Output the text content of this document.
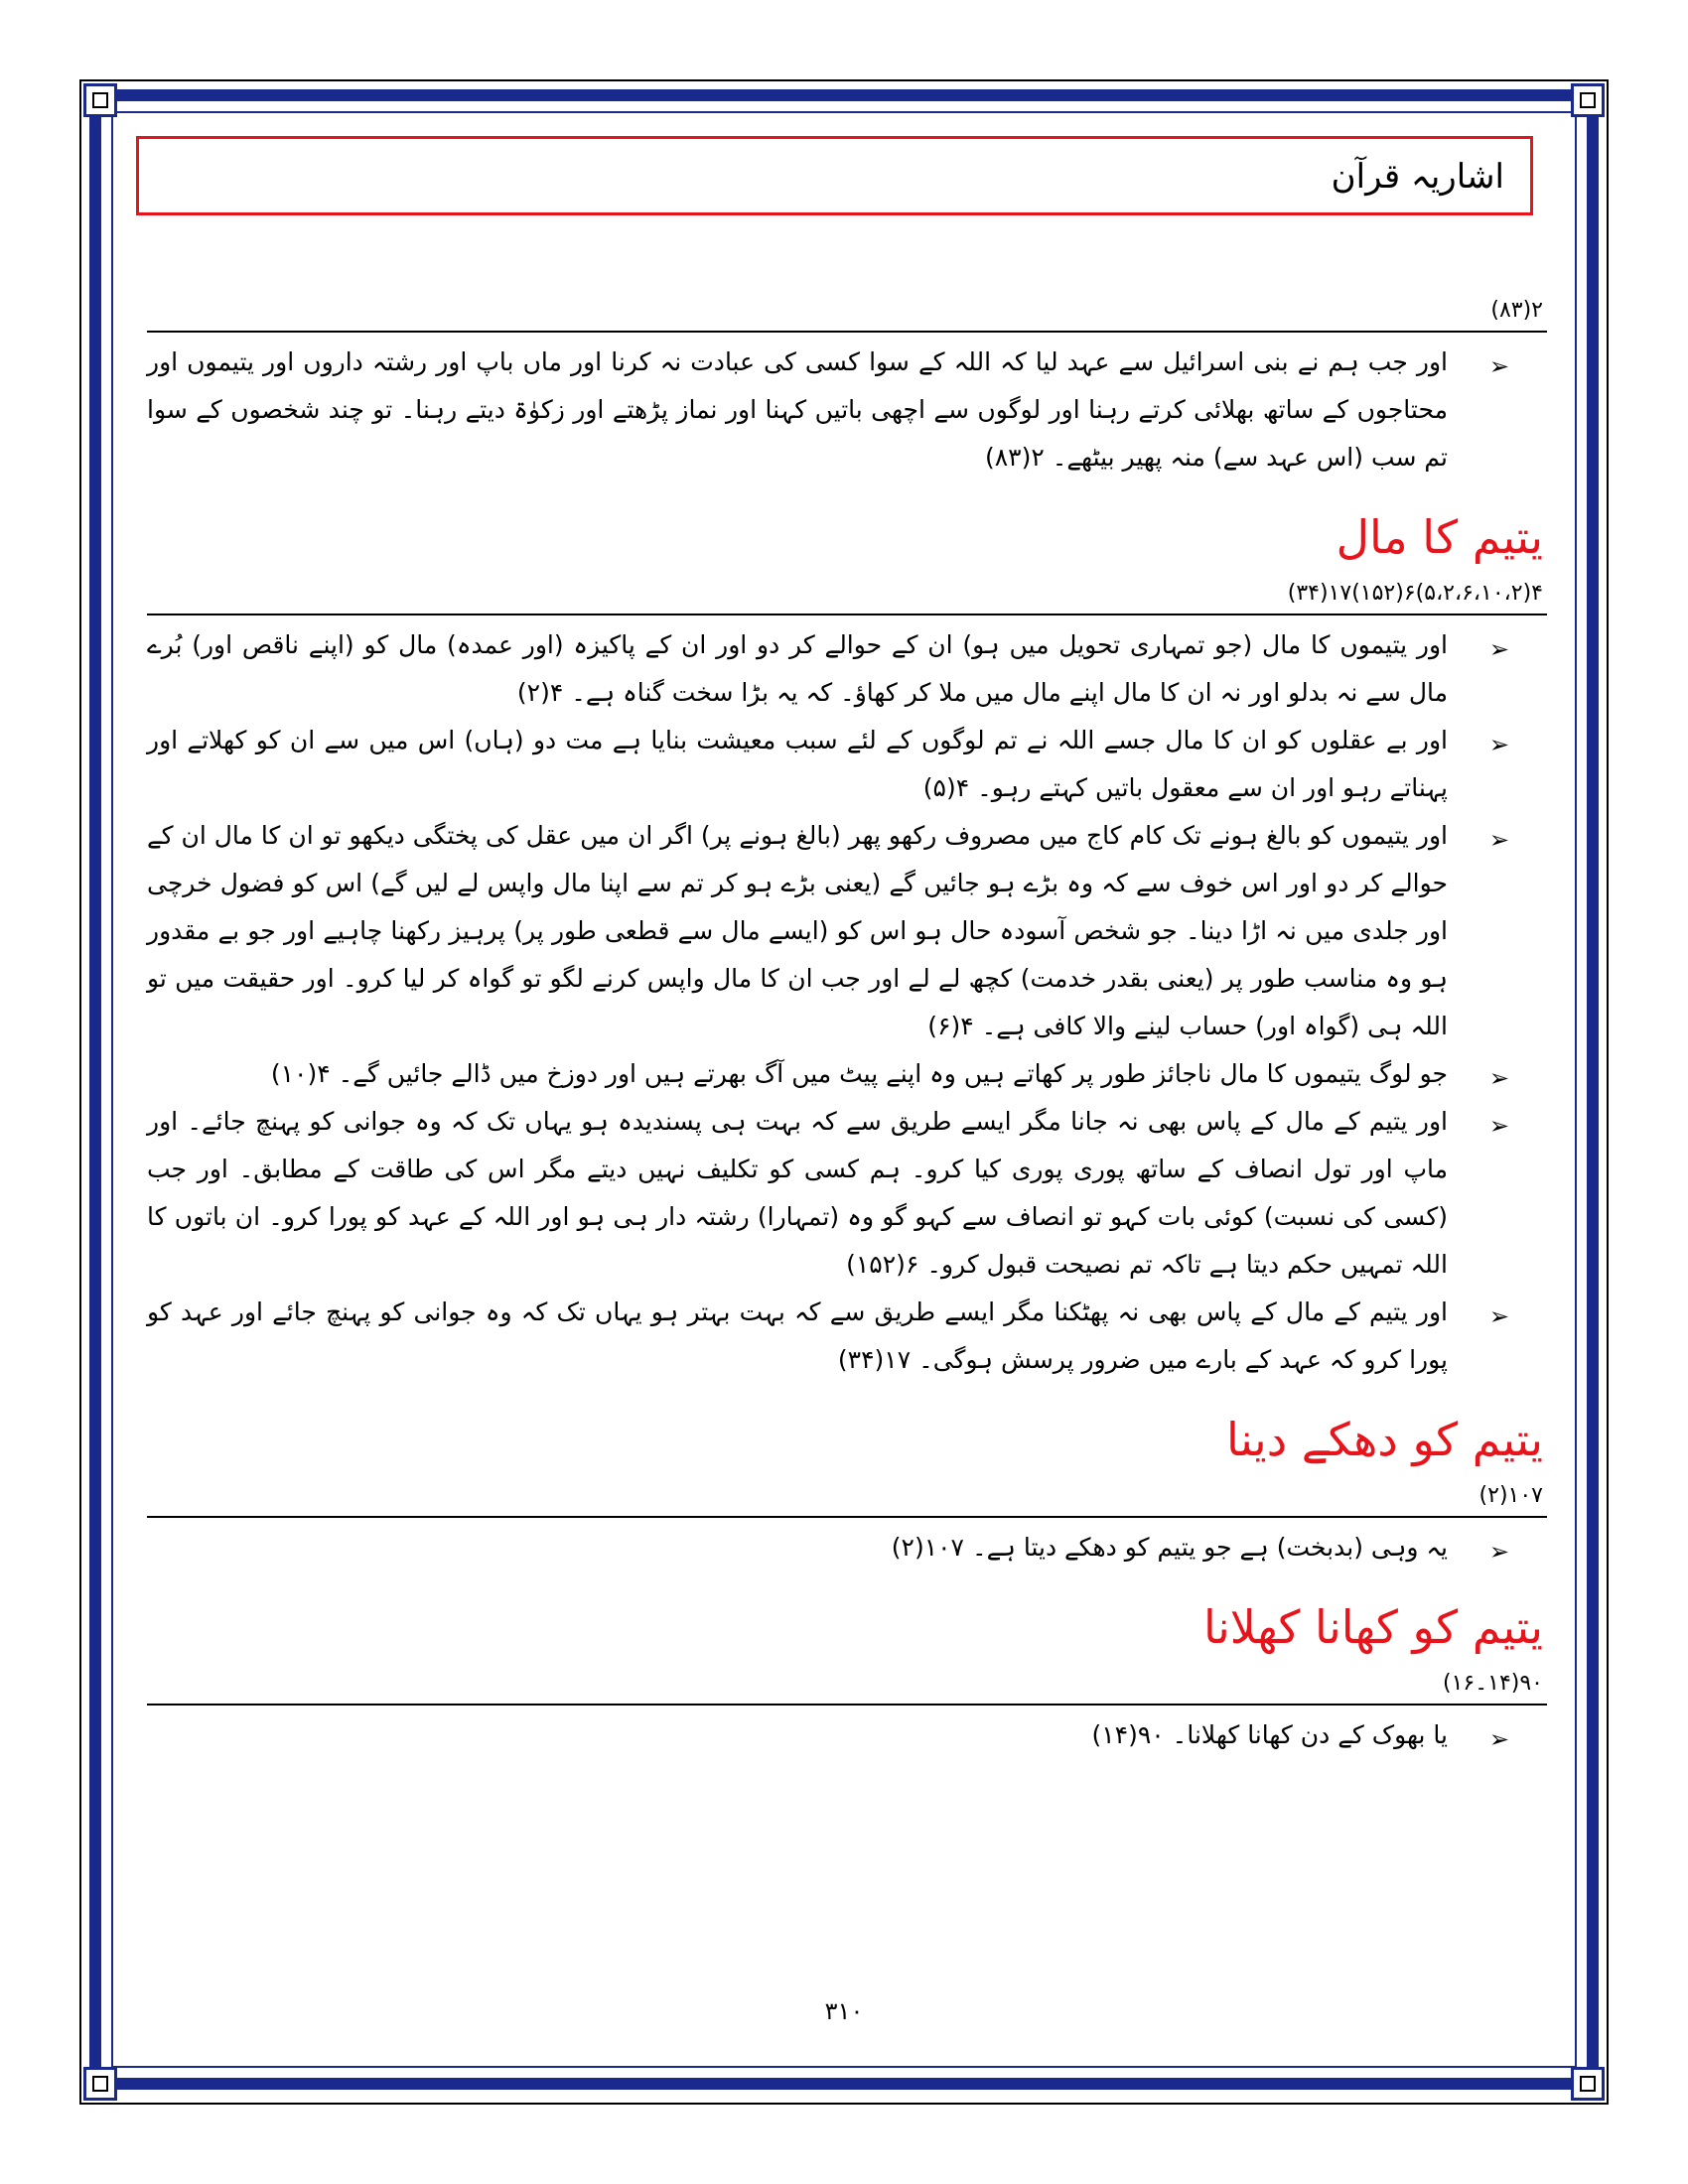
اشاریہ قرآن
۲(۸۳)

➢
اور جب ہم نے بنی اسرائیل سے عہد لیا کہ اللہ کے سوا کسی کی عبادت نہ کرنا اور ماں باپ اور رشتہ داروں اور یتیموں اور محتاجوں کے ساتھ بھلائی کرتے رہنا اور لوگوں سے اچھی باتیں کہنا اور نماز پڑھتے اور زکوٰۃ دیتے رہنا۔ تو چند شخصوں کے سوا تم سب (اس عہد سے) منہ پھیر بیٹھے۔ ۲(۸۳)

یتیم کا مال
۴(۵،۲،۶،۱۰،۲)۶(۱۵۲)۱۷(۳۴)

➢
اور یتیموں کا مال (جو تمہاری تحویل میں ہو) ان کے حوالے کر دو اور ان کے پاکیزہ (اور عمدہ) مال کو (اپنے ناقص اور) بُرے مال سے نہ بدلو اور نہ ان کا مال اپنے مال میں ملا کر کھاؤ۔ کہ یہ بڑا سخت گناہ ہے۔ ۴(۲)

➢
اور بے عقلوں کو ان کا مال جسے اللہ نے تم لوگوں کے لئے سبب معیشت بنایا ہے مت دو (ہاں) اس میں سے ان کو کھلاتے اور پہناتے رہو اور ان سے معقول باتیں کہتے رہو۔ ۴(۵)

➢
اور یتیموں کو بالغ ہونے تک کام کاج میں مصروف رکھو پھر (بالغ ہونے پر) اگر ان میں عقل کی پختگی دیکھو تو ان کا مال ان کے حوالے کر دو اور اس خوف سے کہ وہ بڑے ہو جائیں گے (یعنی بڑے ہو کر تم سے اپنا مال واپس لے لیں گے) اس کو فضول خرچی اور جلدی میں نہ اڑا دینا۔ جو شخص آسودہ حال ہو اس کو (ایسے مال سے قطعی طور پر) پرہیز رکھنا چاہیے اور جو بے مقدور ہو وہ مناسب طور پر (یعنی بقدر خدمت) کچھ لے لے اور جب ان کا مال واپس کرنے لگو تو گواہ کر لیا کرو۔ اور حقیقت میں تو اللہ ہی (گواہ اور) حساب لینے والا کافی ہے۔ ۴(۶)

➢
جو لوگ یتیموں کا مال ناجائز طور پر کھاتے ہیں وہ اپنے پیٹ میں آگ بھرتے ہیں اور دوزخ میں ڈالے جائیں گے۔ ۴(۱۰)

➢
اور یتیم کے مال کے پاس بھی نہ جانا مگر ایسے طریق سے کہ بہت ہی پسندیدہ ہو یہاں تک کہ وہ جوانی کو پہنچ جائے۔ اور ماپ اور تول انصاف کے ساتھ پوری پوری کیا کرو۔ ہم کسی کو تکلیف نہیں دیتے مگر اس کی طاقت کے مطابق۔ اور جب (کسی کی نسبت) کوئی بات کہو تو انصاف سے کہو گو وہ (تمہارا) رشتہ دار ہی ہو اور اللہ کے عہد کو پورا کرو۔ ان باتوں کا اللہ تمہیں حکم دیتا ہے تاکہ تم نصیحت قبول کرو۔ ۶(۱۵۲)

➢
اور یتیم کے مال کے پاس بھی نہ پھٹکنا مگر ایسے طریق سے کہ بہت بہتر ہو یہاں تک کہ وہ جوانی کو پہنچ جائے اور عہد کو پورا کرو کہ عہد کے بارے میں ضرور پرسش ہوگی۔ ۱۷(۳۴)

یتیم کو دھکے دینا
۱۰۷(۲)

➢
یہ وہی (بدبخت) ہے جو یتیم کو دھکے دیتا ہے۔ ۱۰۷(۲)

یتیم کو کھانا کھلانا
۹۰(۱۴۔۱۶)

➢
یا بھوک کے دن کھانا کھلانا۔ ۹۰(۱۴)

۳۱۰
